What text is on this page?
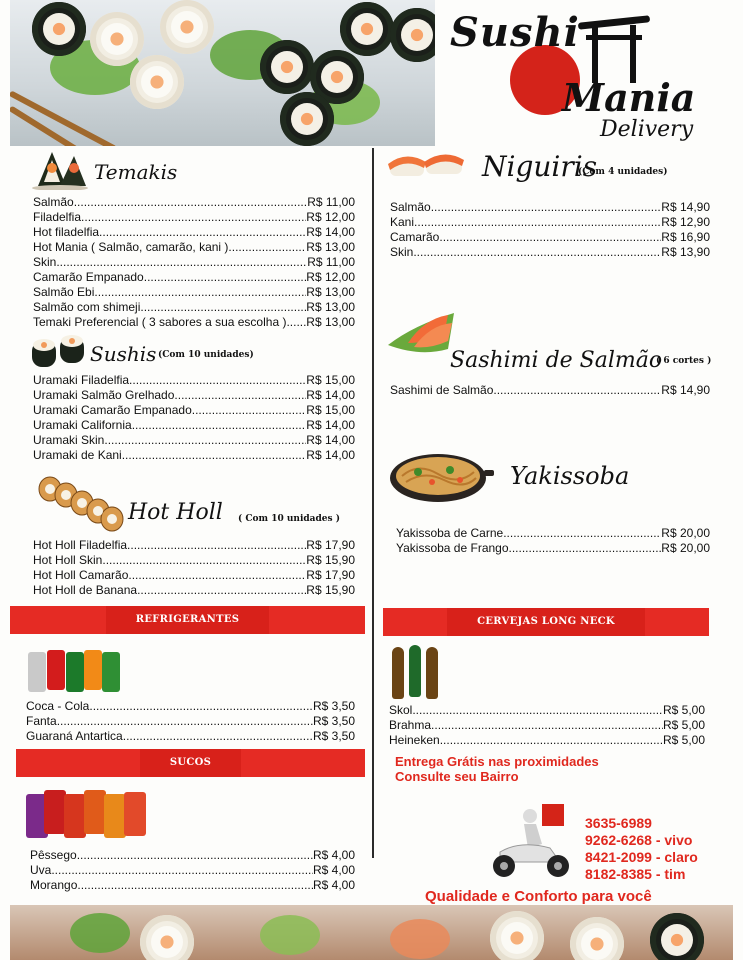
Sushi
Mania
Delivery
Temakis
Salmão .....	R$ 11,00
Filadelfia .....	R$ 12,00
Hot filadelfia .....	R$ 14,00
Hot Mania ( Salmão, camarão, kani ) .....	R$ 13,00
Skin .....	R$ 11,00
Camarão Empanado .....	R$ 12,00
Salmão Ebi .....	R$ 13,00
Salmão com shimeji .....	R$ 13,00
Temaki Preferencial ( 3 sabores a sua escolha ) ..... R$ 13,00
Sushis (Com 10 unidades)
Uramaki Filadelfia .....	R$ 15,00
Uramaki Salmão Grelhado .....	R$ 14,00
Uramaki Camarão Empanado .....	R$ 15,00
Uramaki California .....	R$ 14,00
Uramaki Skin .....	R$ 14,00
Uramaki de Kani .....	R$ 14,00
Hot Holl ( Com 10 unidades )
Hot Holl Filadelfia .....	R$ 17,90
Hot Holl Skin .....	R$ 15,90
Hot Holl Camarão .....	R$ 17,90
Hot Holl de Banana .....	R$ 15,90
REFRIGERANTES
Coca - Cola .....	R$ 3,50
Fanta .....	R$ 3,50
Guaraná Antartica .....	R$ 3,50
SUCOS
Pêssego .....	R$ 4,00
Uva .....	R$ 4,00
Morango .....	R$ 4,00
Niguiris
(Com 4 unidades)
Salmão .....	R$ 14,90
Kani .....	R$ 12,90
Camarão .....	R$ 16,90
Skin .....	R$ 13,90
Sashimi de Salmão
( 6 cortes )
Sashimi de Salmão .....	R$ 14,90
Yakissoba
Yakissoba de Carne .....	R$ 20,00
Yakissoba de Frango .....	R$ 20,00
CERVEJAS LONG NECK
Skol .....	R$ 5,00
Brahma .....	R$ 5,00
Heineken .....	R$ 5,00
Entrega Grátis nas proximidades
Consulte seu Bairro
3635-6989
9262-6268 - vivo
8421-2099 - claro
8182-8385 - tim
Qualidade e Conforto para você
